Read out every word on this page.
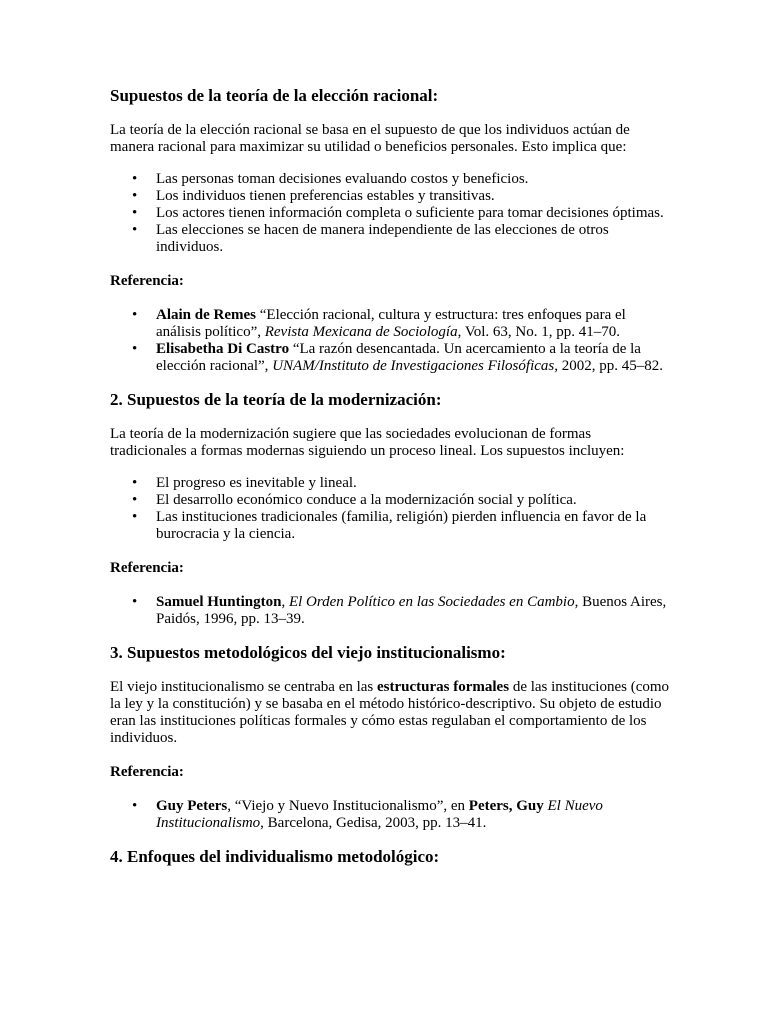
Supuestos de la teoría de la elección racional:

La teoría de la elección racional se basa en el supuesto de que los individuos actúan de manera racional para maximizar su utilidad o beneficios personales. Esto implica que:

• Las personas toman decisiones evaluando costos y beneficios.
• Los individuos tienen preferencias estables y transitivas.
• Los actores tienen información completa o suficiente para tomar decisiones óptimas.
• Las elecciones se hacen de manera independiente de las elecciones de otros individuos.

Referencia:

• Alain de Remes “Elección racional, cultura y estructura: tres enfoques para el análisis político”, Revista Mexicana de Sociología, Vol. 63, No. 1, pp. 41–70.
• Elisabetha Di Castro “La razón desencantada. Un acercamiento a la teoría de la elección racional”, UNAM/Instituto de Investigaciones Filosóficas, 2002, pp. 45–82.
2. Supuestos de la teoría de la modernización:

La teoría de la modernización sugiere que las sociedades evolucionan de formas tradicionales a formas modernas siguiendo un proceso lineal. Los supuestos incluyen:

• El progreso es inevitable y lineal.
• El desarrollo económico conduce a la modernización social y política.
• Las instituciones tradicionales (familia, religión) pierden influencia en favor de la burocracia y la ciencia.

Referencia:

• Samuel Huntington, El Orden Político en las Sociedades en Cambio, Buenos Aires, Paidós, 1996, pp. 13–39.
3. Supuestos metodológicos del viejo institucionalismo:

El viejo institucionalismo se centraba en las estructuras formales de las instituciones (como la ley y la constitución) y se basaba en el método histórico-descriptivo. Su objeto de estudio eran las instituciones políticas formales y cómo estas regulaban el comportamiento de los individuos.

Referencia:

• Guy Peters, “Viejo y Nuevo Institucionalismo”, en Peters, Guy El Nuevo Institucionalismo, Barcelona, Gedisa, 2003, pp. 13–41.
4. Enfoques del individualismo metodológico:
